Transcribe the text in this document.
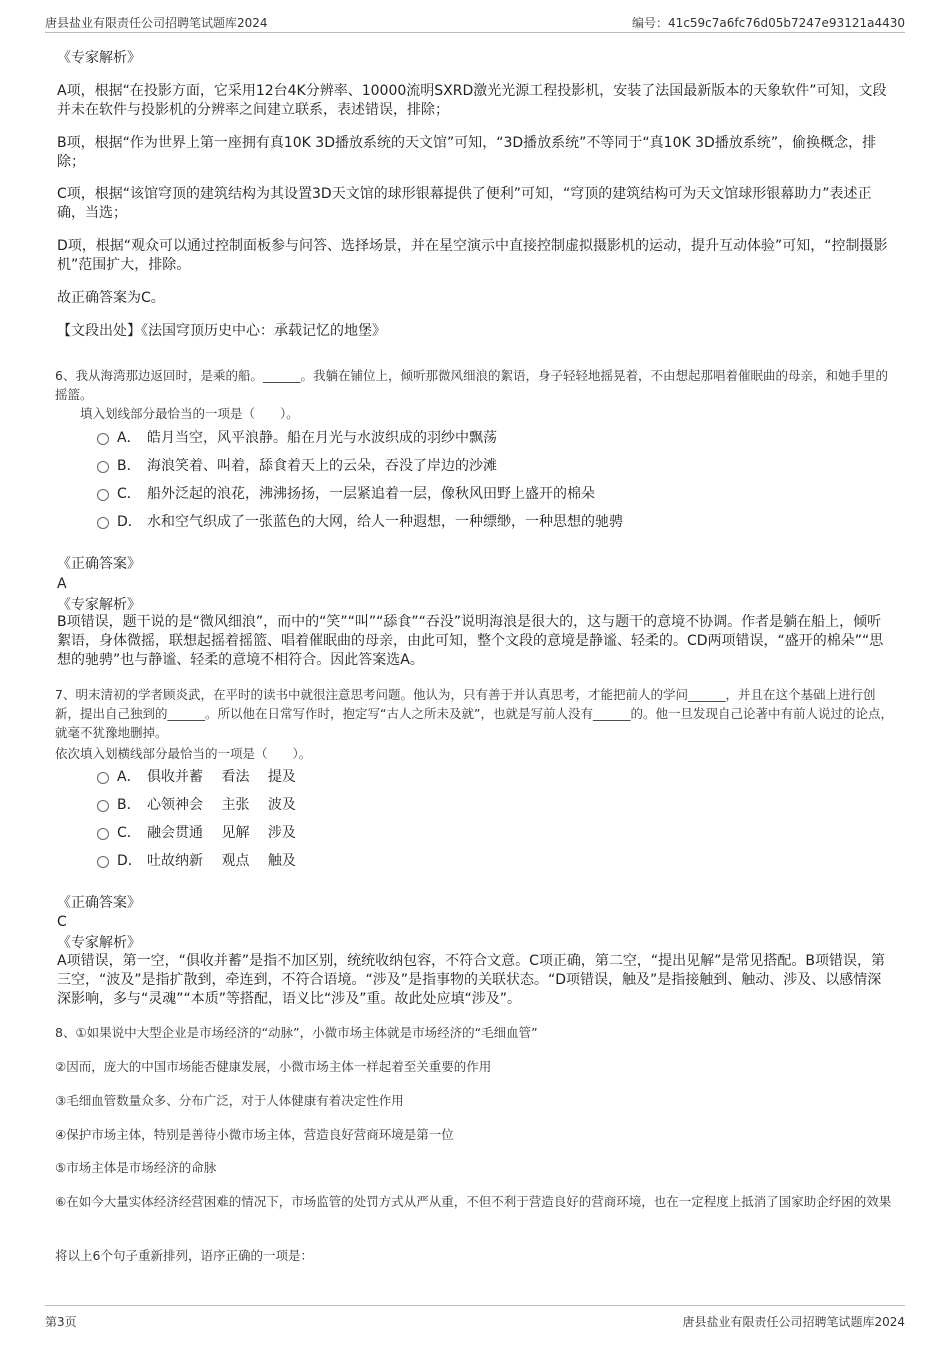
唐县盐业有限责任公司招聘笔试题库2024	编号：41c59c7a6fc76d05b7247e93121a4430
《专家解析》
A项，根据“在投影方面，它采用12台4K分辨率、10000流明SXRD激光光源工程投影机，安装了法国最新版本的天象软件”可知，文段并未在软件与投影机的分辨率之间建立联系，表述错误，排除；
B项，根据“作为世界上第一座拥有真10K 3D播放系统的天文馆”可知，“3D播放系统”不等同于“真10K 3D播放系统”，偷换概念，排除；
C项，根据“该馆穹顶的建筑结构为其设置3D天文馆的球形银幕提供了便利”可知，“穹顶的建筑结构可为天文馆球形银幕助力”表述正确，当选；
D项，根据“观众可以通过控制面板参与问答、选择场景，并在星空演示中直接控制虚拟摄影机的运动，提升互动体验”可知，“控制摄影机”范围扩大，排除。
故正确答案为C。
【文段出处】《法国穹顶历史中心：承载记忆的地堡》
6、我从海湾那边返回时，是乘的船。______。我躺在铺位上，倾听那微风细浪的絮语，身子轻轻地摇晃着，不由想起那唱着催眠曲的母亲，和她手里的摇篮。
填入划线部分最恰当的一项是（　　）。
A． 皓月当空，风平浪静。船在月光与水波织成的羽纱中飘荡
B． 海浪笑着、叫着，舔食着天上的云朵，吞没了岸边的沙滩
C． 船外泛起的浪花，沸沸扬扬，一层紧追着一层，像秋风田野上盛开的棉朵
D． 水和空气织成了一张蓝色的大网，给人一种遐想，一种缥缈，一种思想的驰骋
《正确答案》
A
《专家解析》
B项错误，题干说的是“微风细浪”，而中的“笑”“叫”“舔食”“吞没”说明海浪是很大的，这与题干的意境不协调。作者是躺在船上，倾听絮语，身体微摇，联想起摇着摇篮、唱着催眠曲的母亲，由此可知，整个文段的意境是静谧、轻柔的。CD两项错误，“盛开的棉朵”“思想的驰骋”也与静谧、轻柔的意境不相符合。因此答案选A。
7、明末清初的学者顾炎武，在平时的读书中就很注意思考问题。他认为，只有善于并认真思考，才能把前人的学问______，并且在这个基础上进行创新，提出自己独到的______。所以他在日常写作时，抱定写“古人之所未及就”，也就是写前人没有______的。他一旦发现自己论著中有前人说过的论点，就毫不犹豫地删掉。
依次填入划横线部分最恰当的一项是（　　）。
A． 俱收并蓄　 看法　 提及
B． 心领神会　 主张　 波及
C． 融会贯通　 见解　 涉及
D． 吐故纳新　 观点　 触及
《正确答案》
C
《专家解析》
A项错误，第一空，“俱收并蓄”是指不加区别，统统收纳包容，不符合文意。C项正确，第二空，“提出见解”是常见搭配。B项错误，第三空，“波及”是指扩散到，牵连到，不符合语境。“涉及”是指事物的关联状态。“D项错误，触及”是指接触到、触动、涉及、以感情深深影响，多与“灵魂”“本质”等搭配，语义比“涉及”重。故此处应填“涉及”。
8、①如果说中大型企业是市场经济的“动脉”，小微市场主体就是市场经济的“毛细血管”
②因而，庞大的中国市场能否健康发展，小微市场主体一样起着至关重要的作用
③毛细血管数量众多、分布广泛，对于人体健康有着决定性作用
④保护市场主体，特别是善待小微市场主体，营造良好营商环境是第一位
⑤市场主体是市场经济的命脉
⑥在如今大量实体经济经营困难的情况下，市场监管的处罚方式从严从重，不但不利于营造良好的营商环境，也在一定程度上抵消了国家助企纾困的效果
将以上6个句子重新排列，语序正确的一项是：
第3页	唐县盐业有限责任公司招聘笔试题库2024
